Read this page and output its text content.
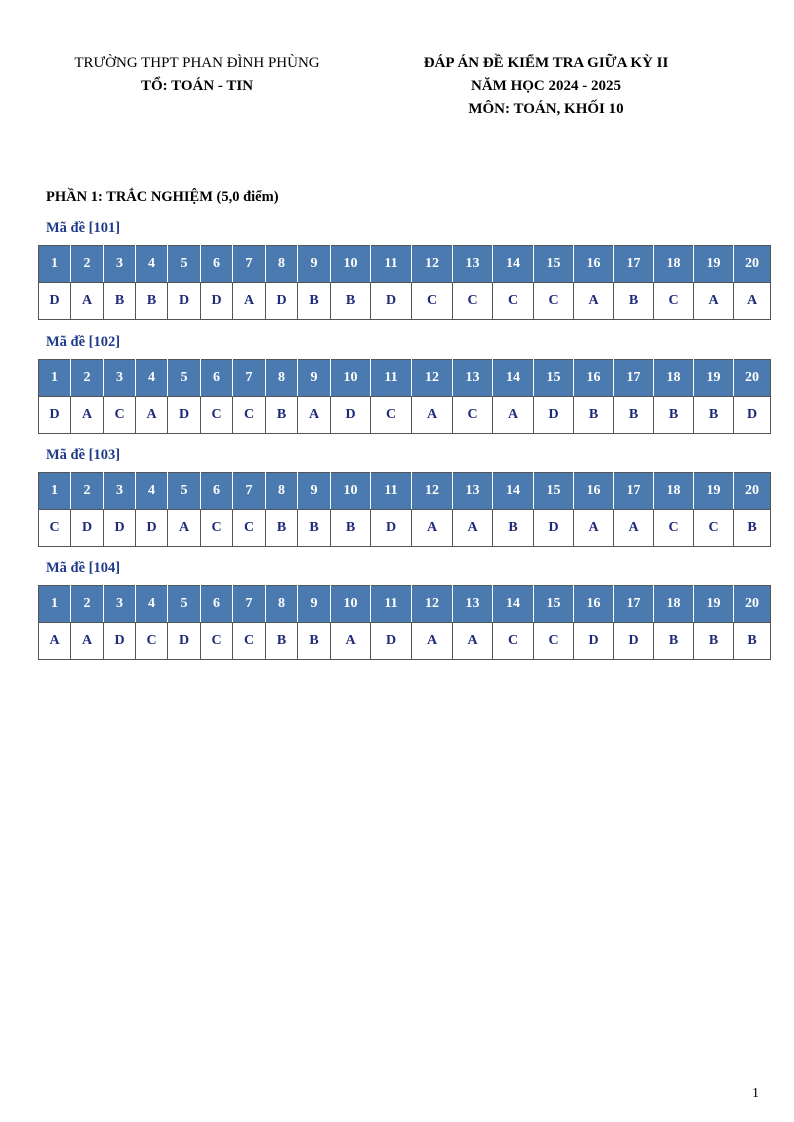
TRƯỜNG THPT PHAN ĐÌNH PHÙNG
TỔ: TOÁN - TIN
ĐÁP ÁN ĐỀ KIỂM TRA GIỮA KỲ II
NĂM HỌC 2024 - 2025
MÔN: TOÁN, KHỐI 10
PHẦN 1: TRẮC NGHIỆM (5,0 điểm)
Mã đề [101]
1	2	3	4	5	6	7	8	9	10	11	12	13	14	15	16	17	18	19	20
D	A	B	B	D	D	A	D	B	B	D	C	C	C	C	A	B	C	A	A
Mã đề [102]
1	2	3	4	5	6	7	8	9	10	11	12	13	14	15	16	17	18	19	20
D	A	C	A	D	C	C	B	A	D	C	A	C	A	D	B	B	B	B	D
Mã đề [103]
1	2	3	4	5	6	7	8	9	10	11	12	13	14	15	16	17	18	19	20
C	D	D	D	A	C	C	B	B	B	D	A	A	B	D	A	A	C	C	B
Mã đề [104]
1	2	3	4	5	6	7	8	9	10	11	12	13	14	15	16	17	18	19	20
A	A	D	C	D	C	C	B	B	A	D	A	A	C	C	D	D	B	B	B
1
